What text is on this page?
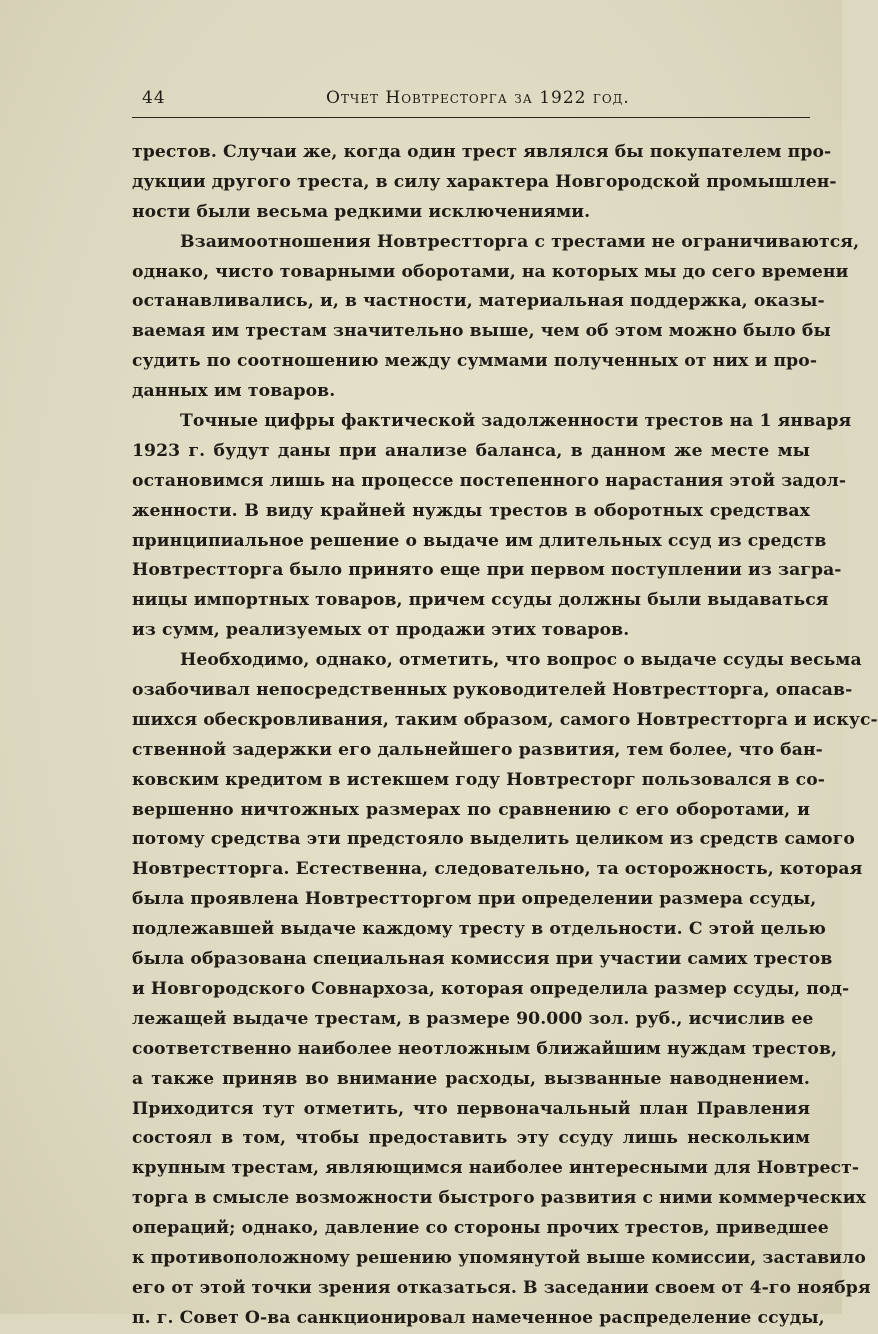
44	Отчет Новтресторга за 1922 год.
трестов. Случаи же, когда один трест являлся бы покупателем про-
дукции другого треста, в силу характера Новгородской промышлен-
ности были весьма редкими исключениями.
Взаимоотношения Новтрестторга с трестами не ограничиваются,
однако, чисто товарными оборотами, на которых мы до сего времени
останавливались, и, в частности, материальная поддержка, оказы-
ваемая им трестам значительно выше, чем об этом можно было бы
судить по соотношению между суммами полученных от них и про-
данных им товаров.
Точные цифры фактической задолженности трестов на 1 января
1923 г. будут даны при анализе баланса, в данном же месте мы
остановимся лишь на процессе постепенного нарастания этой задол-
женности. В виду крайней нужды трестов в оборотных средствах
принципиальное решение о выдаче им длительных ссуд из средств
Новтрестторга было принято еще при первом поступлении из загра-
ницы импортных товаров, причем ссуды должны были выдаваться
из сумм, реализуемых от продажи этих товаров.
Необходимо, однако, отметить, что вопрос о выдаче ссуды весьма
озабочивал непосредственных руководителей Новтрестторга, опасав-
шихся обескровливания, таким образом, самого Новтрестторга и искус-
ственной задержки его дальнейшего развития, тем более, что бан-
ковским кредитом в истекшем году Новтресторг пользовался в со-
вершенно ничтожных размерах по сравнению с его оборотами, и
потому средства эти предстояло выделить целиком из средств самого
Новтрестторга. Естественна, следовательно, та осторожность, которая
была проявлена Новтрестторгом при определении размера ссуды,
подлежавшей выдаче каждому тресту в отдельности. С этой целью
была образована специальная комиссия при участии самих трестов
и Новгородского Совнархоза, которая определила размер ссуды, под-
лежащей выдаче трестам, в размере 90.000 зол. руб., исчислив ее
соответственно наиболее неотложным ближайшим нуждам трестов,
а также приняв во внимание расходы, вызванные наводнением.
Приходится тут отметить, что первоначальный план Правления
состоял в том, чтобы предоставить эту ссуду лишь нескольким
крупным трестам, являющимся наиболее интересными для Новтрест-
торга в смысле возможности быстрого развития с ними коммерческих
операций; однако, давление со стороны прочих трестов, приведшее
к противоположному решению упомянутой выше комиссии, заставило
его от этой точки зрения отказаться. В заседании своем от 4-го ноября
п. г. Совет О-ва санкционировал намеченное распределение ссуды,
